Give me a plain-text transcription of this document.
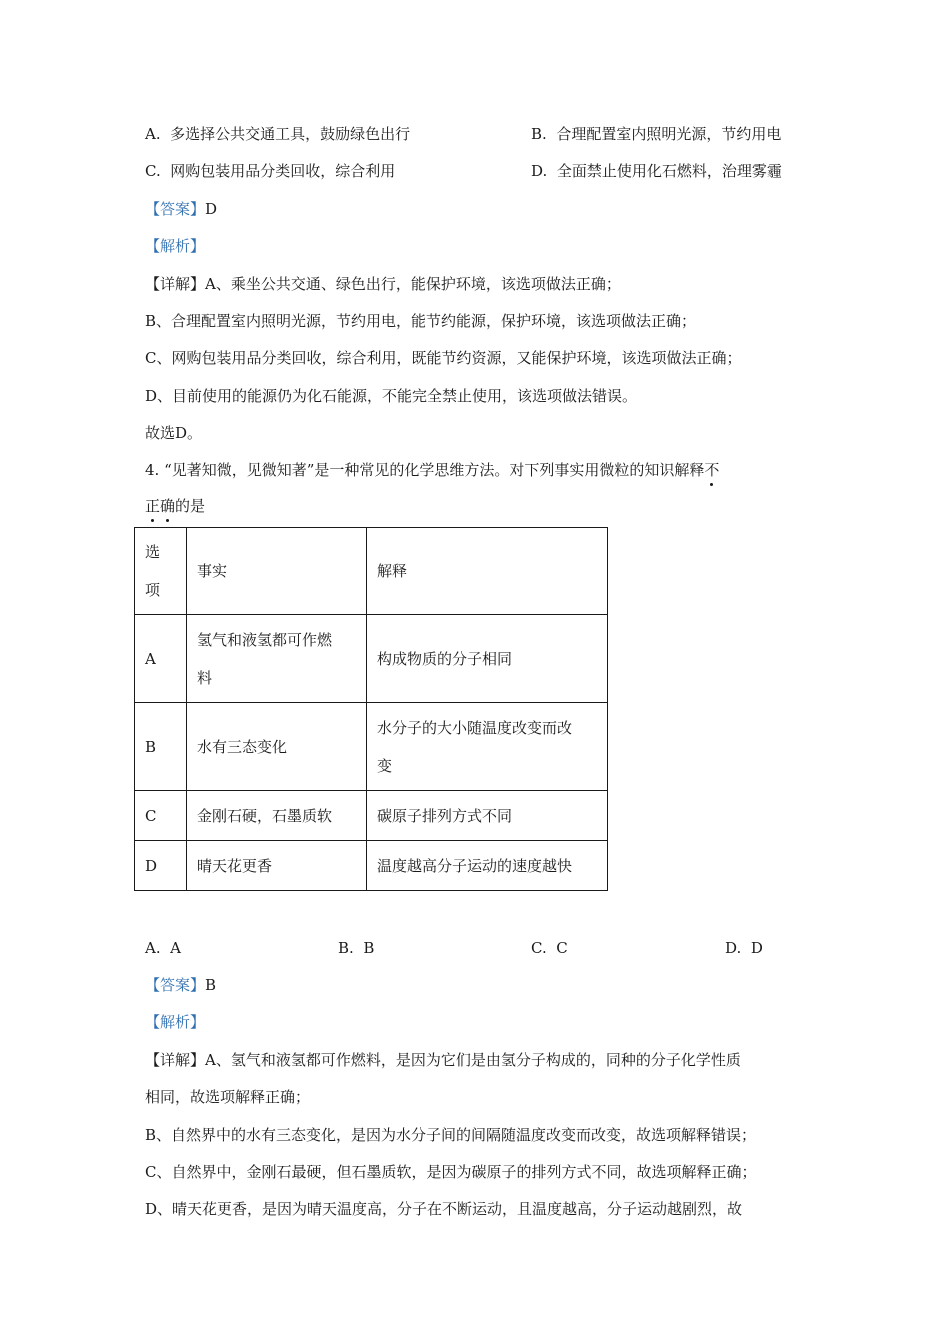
A. 多选择公共交通工具，鼓励绿色出行	B. 合理配置室内照明光源，节约用电
C. 网购包装用品分类回收，综合利用	D. 全面禁止使用化石燃料，治理雾霾
【答案】D
【解析】
【详解】A、乘坐公共交通、绿色出行，能保护环境，该选项做法正确；
B、合理配置室内照明光源，节约用电，能节约能源，保护环境，该选项做法正确；
C、网购包装用品分类回收，综合利用，既能节约资源，又能保护环境，该选项做法正确；
D、目前使用的能源仍为化石能源，不能完全禁止使用，该选项做法错误。
故选D。
4. “见著知微，见微知著”是一种常见的化学思维方法。对下列事实用微粒的知识解释不
正确的是
选
项	事实	解释
A	氢气和液氢都可作燃
料	构成物质的分子相同
B	水有三态变化	水分子的大小随温度改变而改
变

C	金刚石硬，石墨质软	碳原子排列方式不同
D	晴天花更香	温度越高分子运动的速度越快
A. A	B. B	C. C	D. D
【答案】B
【解析】
【详解】A、氢气和液氢都可作燃料，是因为它们是由氢分子构成的，同种的分子化学性质
相同，故选项解释正确；
B、自然界中的水有三态变化，是因为水分子间的间隔随温度改变而改变，故选项解释错误；
C、自然界中，金刚石最硬，但石墨质软，是因为碳原子的排列方式不同，故选项解释正确；
D、晴天花更香，是因为晴天温度高，分子在不断运动，且温度越高，分子运动越剧烈，故
